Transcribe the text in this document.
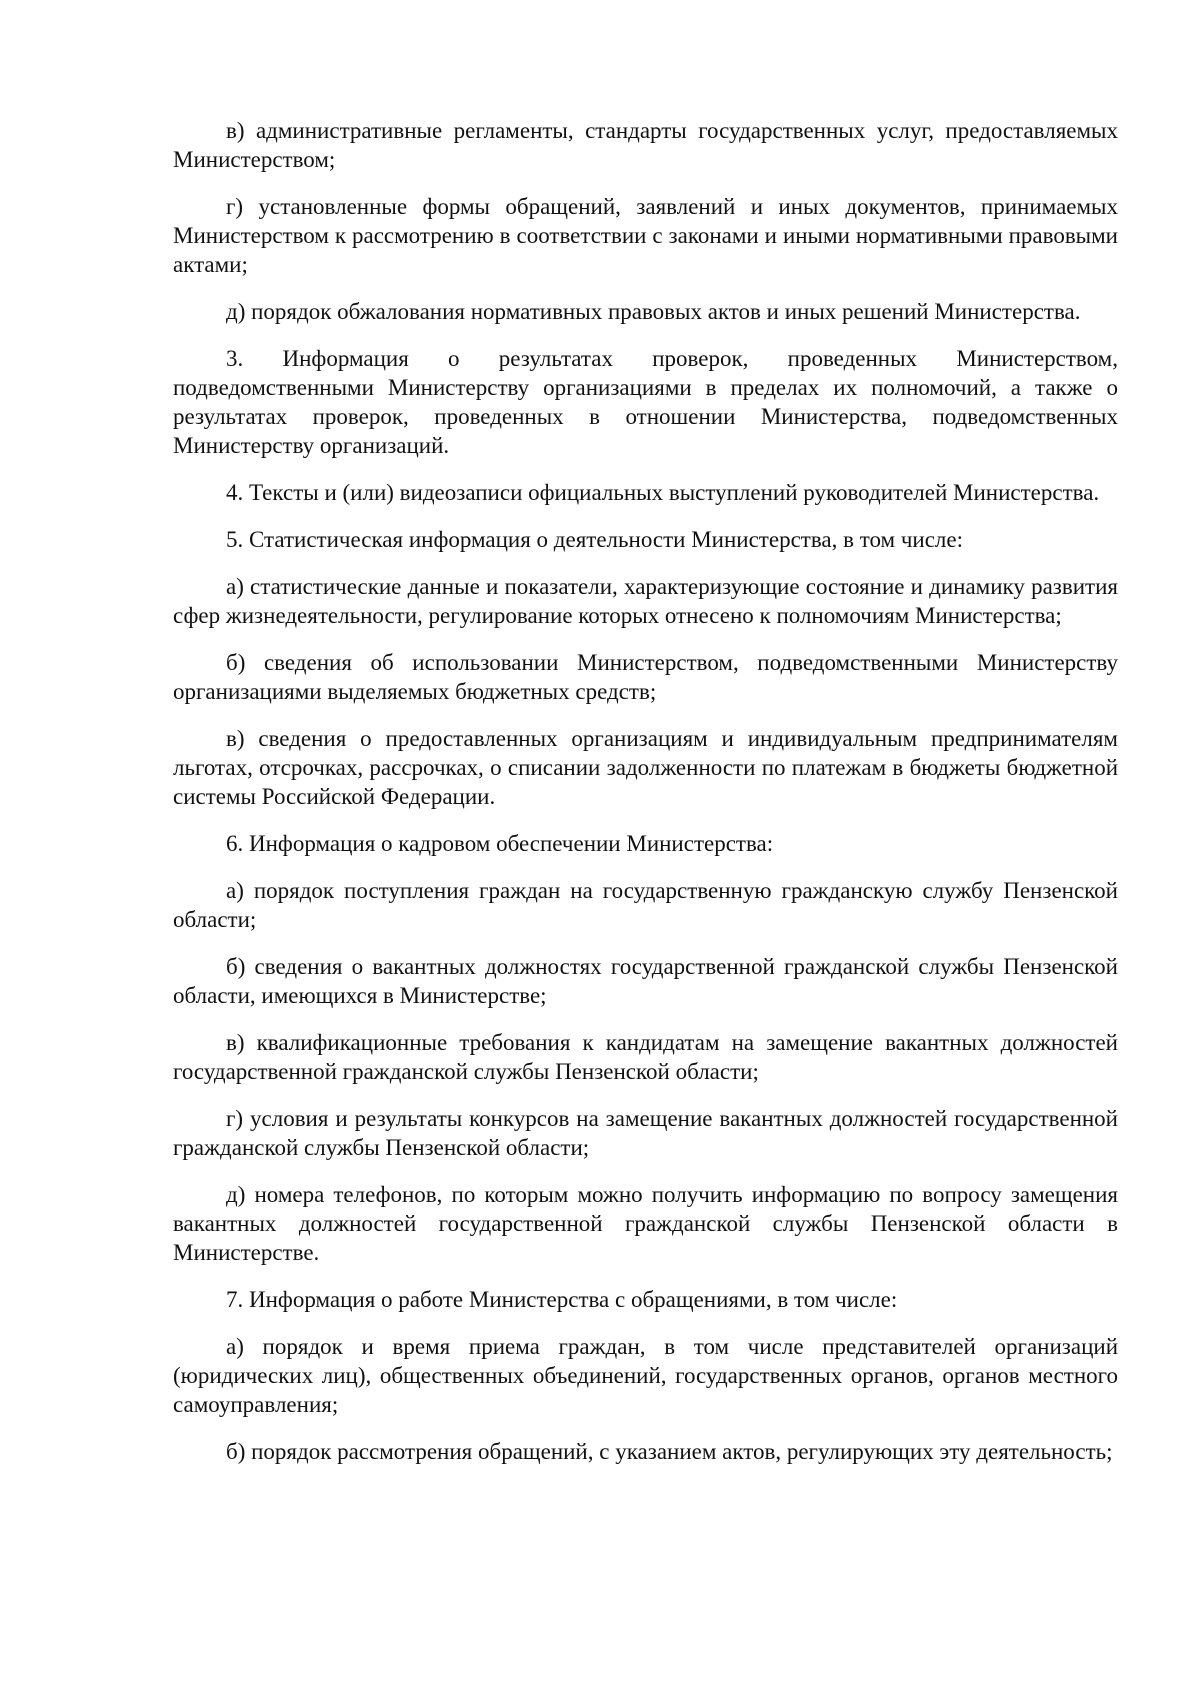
в) административные регламенты, стандарты государственных услуг, предоставляемых Министерством;

г) установленные формы обращений, заявлений и иных документов, принимаемых Министерством к рассмотрению в соответствии с законами и иными нормативными правовыми актами;

д) порядок обжалования нормативных правовых актов и иных решений Министерства.

3. Информация о результатах проверок, проведенных Министерством, подведомственными Министерству организациями в пределах их полномочий, а также о результатах проверок, проведенных в отношении Министерства, подведомственных Министерству организаций.

4. Тексты и (или) видеозаписи официальных выступлений руководителей Министерства.

5. Статистическая информация о деятельности Министерства, в том числе:

а) статистические данные и показатели, характеризующие состояние и динамику развития сфер жизнедеятельности, регулирование которых отнесено к полномочиям Министерства;

б) сведения об использовании Министерством, подведомственными Министерству организациями выделяемых бюджетных средств;

в) сведения о предоставленных организациям и индивидуальным предпринимателям льготах, отсрочках, рассрочках, о списании задолженности по платежам в бюджеты бюджетной системы Российской Федерации.

6. Информация о кадровом обеспечении Министерства:

а) порядок поступления граждан на государственную гражданскую службу Пензенской области;

б) сведения о вакантных должностях государственной гражданской службы Пензенской области, имеющихся в Министерстве;

в) квалификационные требования к кандидатам на замещение вакантных должностей государственной гражданской службы Пензенской области;

г) условия и результаты конкурсов на замещение вакантных должностей государственной гражданской службы Пензенской области;

д) номера телефонов, по которым можно получить информацию по вопросу замещения вакантных должностей государственной гражданской службы Пензенской области в Министерстве.

7. Информация о работе Министерства с обращениями, в том числе:

а) порядок и время приема граждан, в том числе представителей организаций (юридических лиц), общественных объединений, государственных органов, органов местного самоуправления;

б) порядок рассмотрения обращений, с указанием актов, регулирующих эту деятельность;
